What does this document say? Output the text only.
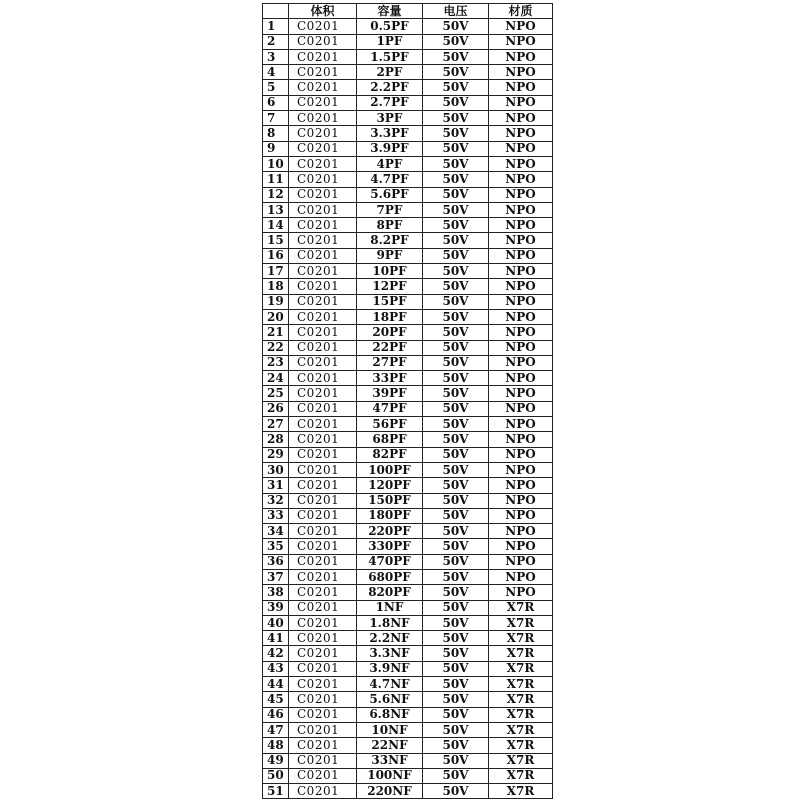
	体积	容量	电压	材质
1	C0201	0.5PF	50V	NPO
2	C0201	1PF	50V	NPO
3	C0201	1.5PF	50V	NPO
4	C0201	2PF	50V	NPO
5	C0201	2.2PF	50V	NPO
6	C0201	2.7PF	50V	NPO
7	C0201	3PF	50V	NPO
8	C0201	3.3PF	50V	NPO
9	C0201	3.9PF	50V	NPO
10	C0201	4PF	50V	NPO
11	C0201	4.7PF	50V	NPO
12	C0201	5.6PF	50V	NPO
13	C0201	7PF	50V	NPO
14	C0201	8PF	50V	NPO
15	C0201	8.2PF	50V	NPO
16	C0201	9PF	50V	NPO
17	C0201	10PF	50V	NPO
18	C0201	12PF	50V	NPO
19	C0201	15PF	50V	NPO
20	C0201	18PF	50V	NPO
21	C0201	20PF	50V	NPO
22	C0201	22PF	50V	NPO
23	C0201	27PF	50V	NPO
24	C0201	33PF	50V	NPO
25	C0201	39PF	50V	NPO
26	C0201	47PF	50V	NPO
27	C0201	56PF	50V	NPO
28	C0201	68PF	50V	NPO
29	C0201	82PF	50V	NPO
30	C0201	100PF	50V	NPO
31	C0201	120PF	50V	NPO
32	C0201	150PF	50V	NPO
33	C0201	180PF	50V	NPO
34	C0201	220PF	50V	NPO
35	C0201	330PF	50V	NPO
36	C0201	470PF	50V	NPO
37	C0201	680PF	50V	NPO
38	C0201	820PF	50V	NPO
39	C0201	1NF	50V	X7R
40	C0201	1.8NF	50V	X7R
41	C0201	2.2NF	50V	X7R
42	C0201	3.3NF	50V	X7R
43	C0201	3.9NF	50V	X7R
44	C0201	4.7NF	50V	X7R
45	C0201	5.6NF	50V	X7R
46	C0201	6.8NF	50V	X7R
47	C0201	10NF	50V	X7R
48	C0201	22NF	50V	X7R
49	C0201	33NF	50V	X7R
50	C0201	100NF	50V	X7R
51	C0201	220NF	50V	X7R
